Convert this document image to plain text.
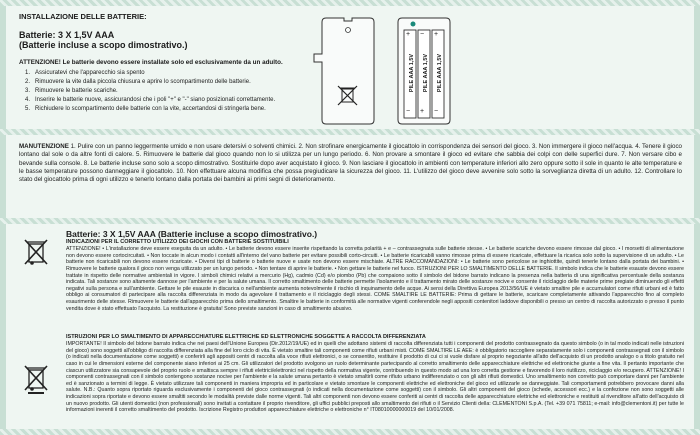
INSTALLAZIONE DELLE BATTERIE:

Batterie: 3 X 1,5V AAA

(Batterie incluse a scopo dimostrativo.)

ATTENZIONE! Le batterie devono essere installate solo ed esclusivamente da un adulto.

1. Assicuratevi che l'apparecchio sia spento
2. Rimuovere la vite dalla piccola chiusura e aprire lo scompartimento delle batterie.
3. Rimuovere le batterie scariche.
4. Inserire le batterie nuove, assicurandosi che i poli "+" e "-" siano posizionati correttamente.
5. Richiudere lo scompartimento delle batterie con la vite, accertandosi di stringerla bene.
PILE AAA 1,5V PILE AAA 1,5V PILE AAA 1,5V
+ − +
− + −

MANUTENZIONE 1. Pulire con un panno leggermente umido e non usare detersivi o solventi chimici. 2. Non strofinare energicamente il giocattolo in corrispondenza dei sensori del gioco. 3. Non immergere il gioco nell'acqua. 4. Tenere il gioco lontano dal sole o da altre fonti di calore. 5. Rimuovere le batterie dal gioco quando non lo si utilizza per un lungo periodo. 6. Non provare a smontare il gioco ed evitare che sabbia dei colpi con delle superfici dure. 7. Non versare cibo e bevande sulla console. 8. Le batterie incluse sono solo a scopo dimostrativo. Sostituirle dopo aver acquistato il gioco. 9. Non lasciare il giocattolo in ambienti con temperature inferiori allo zero oppure sotto il sole in quanto le alte temperature e le basse temperature possono danneggiare il giocattolo. 10. Non effettuare alcuna modifica che possa pregiudicare la sicurezza del gioco. 11. L'utilizzo del gioco deve avvenire solo sotto la sorveglianza diretta di un adulto. 12. Controllare lo stato del giocattolo prima di ogni utilizzo e tenerlo lontano dalla portata dei bambini ai primi segni di deterioramento.

Batterie: 3 X 1,5V AAA (Batterie incluse a scopo dimostrativo.)

INDICAZIONI PER IL CORRETTO UTILIZZO DEI GIOCHI CON BATTERIE SOSTITUIBILI

ATTENZIONE! • L'installazione deve essere eseguita da un adulto. • Le batterie devono essere inserite rispettando la corretta polarità + e – contrassegnata sulle batterie stesse. • Le batterie scariche devono essere rimosse dal gioco. • I morsetti di alimentazione non devono essere cortocircuitati. • Non toccate in alcun modo i contatti all'interno del vano batterie per evitare possibili corto-circuiti. • Le batterie ricaricabili vanno rimosse prima di essere ricaricate, effettuare la ricarica solo sotto la supervisione di un adulto. • Le batterie non ricaricabili non devono essere ricaricate. • Diversi tipi di batterie o batterie nuove e usate non devono essere mischiate. ALTRE RACCOMANDAZIONI: • Le batterie sono pericolose se inghiottite, quindi tenerle lontano dalla portata dei bambini. • Rimuovere le batterie qualora il gioco non venga utilizzato per un lungo periodo. • Non tentare di aprire le batterie. • Non gettare le batterie nel fuoco. ISTRUZIONI PER LO SMALTIMENTO DELLE BATTERIE. Il simbolo indica che le batterie esauste devono essere trattate in rispetto delle normative ambientali in vigore. I simboli chimici relativi a mercurio (Hg), cadmio (Cd) e/o piombo (Pb) che compaiono sotto il simbolo del bidone barrato indicano la presenza nella batteria di una significativa percentuale della sostanza indicata. Tali sostanze sono altamente dannose per l'ambiente e per la salute umana. Il corretto smaltimento delle batterie permette l'isolamento e il trattamento mirato delle sostanze nocive e consente il riciclaggio delle materie prime pregiate diminuendo gli effetti negativi sulla persona e sull'ambiente. Gettare le pile esauste in discarica o nell'ambiente aumenta notevolmente il rischio di inquinamento delle acque. Ai sensi della Direttiva Europea 2013/56/UE è vietato smaltire pile e accumulatori come rifiuti urbani ed è fatto obbligo ai consumatori di partecipare alla raccolta differenziata in modo da agevolare il trattamento e il riciclaggio degli stessi. COME SMALTIRE LE BATTERIE: Prima di gettare le batterie, scaricare completamente attivando l'apparecchio fino al completo esaurimento delle stesse. Rimuovere le batterie dall'apparecchio prima dello smaltimento. Smaltire le batterie in conformità alle normative vigenti conferendole negli appositi contenitori laddove disponibili o presso un centro di raccolta autorizzato o presso il punto vendita dove è stato effettuato l'acquisto. La restituzione è gratuita! Sono previste sanzioni in caso di smaltimento abusivo.

ISTRUZIONI PER LO SMALTIMENTO DI APPARECCHIATURE ELETTRICHE ED ELETTRONICHE SOGGETTE A RACCOLTA DIFFERENZIATA

IMPORTANTE! Il simbolo del bidone barrato indica che nei paesi dell'Unione Europea (Dir.2012/19/UE) ed in quelli che adottano sistemi di raccolta differenziata tutti i componenti del prodotto contrassegnato da questo simbolo (o in tal modo indicati nelle istruzioni del gioco) sono soggetti all'obbligo di raccolta differenziata alla fine del loro ciclo di vita. È vietato smaltire tali componenti come rifiuti urbani misti. COME SMALTIRE LE AEE: è obbligatorio raccogliere separatamente solo i componenti contrassegnati con il simbolo (o indicati nella documentazione come soggetti) e conferirli agli appositi centri di raccolta alla voce rifiuti elettronici, o se consentito, restituire il prodotto di cui ci si vuole disfare al proprio negoziante all'atto dell'acquisto di un prodotto analogo o a titolo gratuito nel caso in cui le dimensioni esterne del componente siano inferiori ai 25 cm. Gli utilizzatori del prodotto svolgono un ruolo determinante partecipando al corretto smaltimento delle apparecchiature elettriche ed elettroniche giunte a fine vita. Il pertanto importante che ciascun utilizzatore sia consapevole del proprio ruolo e smaltisca sempre i rifiuti elettrici/elettronici nel rispetto della normativa vigente, contribuendo in questo modo ad una loro corretta gestione e favorendo il loro riutilizzo, riciclaggio e/o recupero. ATTENZIONE! I componenti contrassegnati con il simbolo contengono sostanze nocive per l'ambiente e la salute umana pertanto è vietato smaltirli come rifiuto urbano indifferenziato o con gli altri rifiuti domestici. Uno smaltimento non corretto può comportare danni per l'ambiente ed è sanzionato a termini di legge. È vietato utilizzare tali componenti in maniera impropria ed in particolare e vietato smontare le componenti elettriche ed elettroniche del gioco ed utilizzarle se danneggiate. Tali comportamenti potrebbero provocare danni alla salute. N.B.: Quanto sopra riportato riguarda esclusivamente i componenti del gioco contrassegnati (o indicati nella documentazione come soggetti) con il simbolo. Gli altri componenti del gioco (schede, accessori ecc.) e la confezione non sono soggetti alle indicazioni sopra riportate e devono essere smaltiti secondo le modalità previste dalle norme vigenti. Tali altri componenti non devono essere conferiti ai centri di raccolta delle apparecchiature elettriche ed elettroniche e restituiti al rivenditore all'atto dell'acquisto di un nuovo prodotto. Gli utenti domestici (non professionali) sono invitati a contattare il proprio rivenditore, gli uffici pubblici preposti allo smaltimento dei rifiuti o il Servizio Clienti della: CLEMENTONI S.p.A. (Tel. +39 071 75811; e-mail: info@clementoni.it) per tutte le informazioni inerenti il corretto smaltimento del prodotto. Iscrizione Registro produttori apparecchiature elettriche o elettroniche n° IT08010000000019 del 10/01/2008.
